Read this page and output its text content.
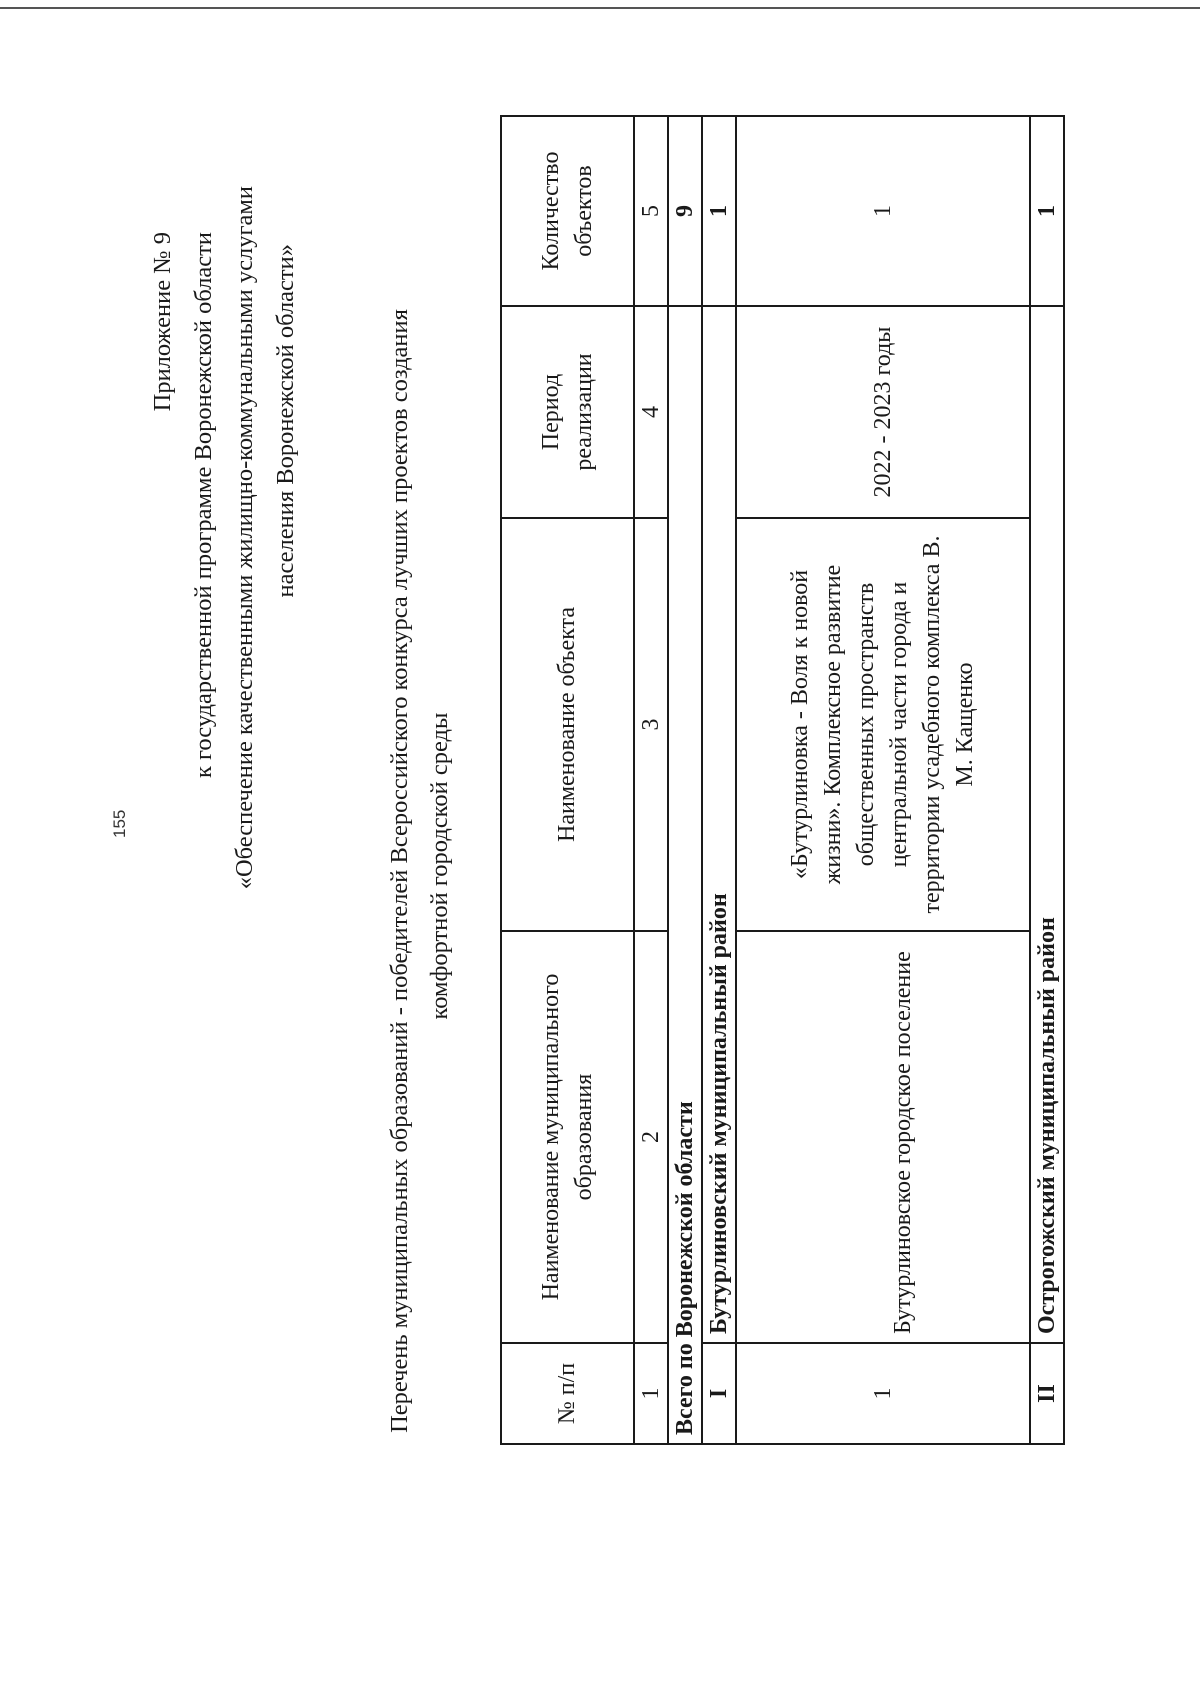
155
Приложение № 9 к государственной программе Воронежской области «Обеспечение качественными жилищно-коммунальными услугами населения Воронежской области»	Перечень муниципальных образований - победителей Всероссийского конкурса лучших проектов создания комфортной городской среды
№ п/п	Наименование муниципального образования	Наименование объекта	Период реализации	Количество объектов
1	2	3	4	5
Всего по Воронежской области				9
I	Бутурлиновский муниципальный район			1
1	Бутурлиновское городское поселение	«Бутурлиновка - Воля к новой жизни». Комплексное развитие общественных пространств центральной части города и территории усадебного комплекса В. М. Кащенко	2022 - 2023 годы	1
II	Острогожский муниципальный район			1
